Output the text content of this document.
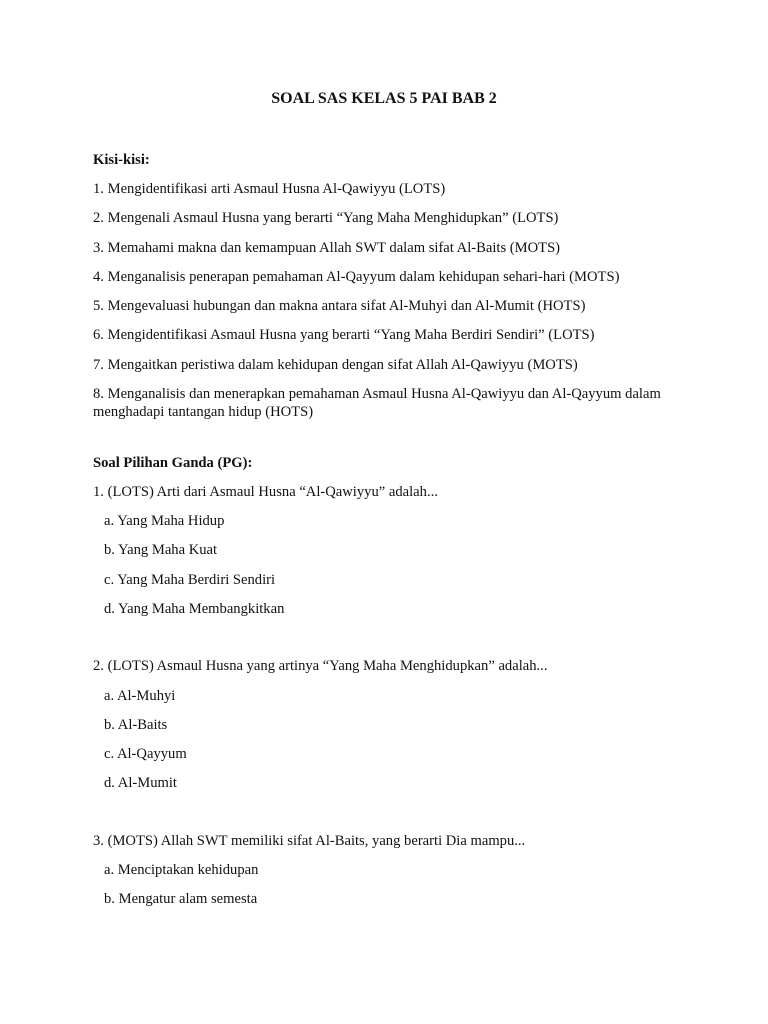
SOAL SAS KELAS 5 PAI BAB 2

Kisi-kisi:

1. Mengidentifikasi arti Asmaul Husna Al-Qawiyyu (LOTS)

2. Mengenali Asmaul Husna yang berarti “Yang Maha Menghidupkan” (LOTS)

3. Memahami makna dan kemampuan Allah SWT dalam sifat Al-Baits (MOTS)

4. Menganalisis penerapan pemahaman Al-Qayyum dalam kehidupan sehari-hari (MOTS)

5. Mengevaluasi hubungan dan makna antara sifat Al-Muhyi dan Al-Mumit (HOTS)

6. Mengidentifikasi Asmaul Husna yang berarti “Yang Maha Berdiri Sendiri” (LOTS)

7. Mengaitkan peristiwa dalam kehidupan dengan sifat Allah Al-Qawiyyu (MOTS)

8. Menganalisis dan menerapkan pemahaman Asmaul Husna Al-Qawiyyu dan Al-Qayyum dalam menghadapi tantangan hidup (HOTS)

Soal Pilihan Ganda (PG):

1. (LOTS) Arti dari Asmaul Husna “Al-Qawiyyu” adalah...

a. Yang Maha Hidup

b. Yang Maha Kuat

c. Yang Maha Berdiri Sendiri

d. Yang Maha Membangkitkan

2. (LOTS) Asmaul Husna yang artinya “Yang Maha Menghidupkan” adalah...

a. Al-Muhyi

b. Al-Baits

c. Al-Qayyum

d. Al-Mumit

3. (MOTS) Allah SWT memiliki sifat Al-Baits, yang berarti Dia mampu...

a. Menciptakan kehidupan

b. Mengatur alam semesta
